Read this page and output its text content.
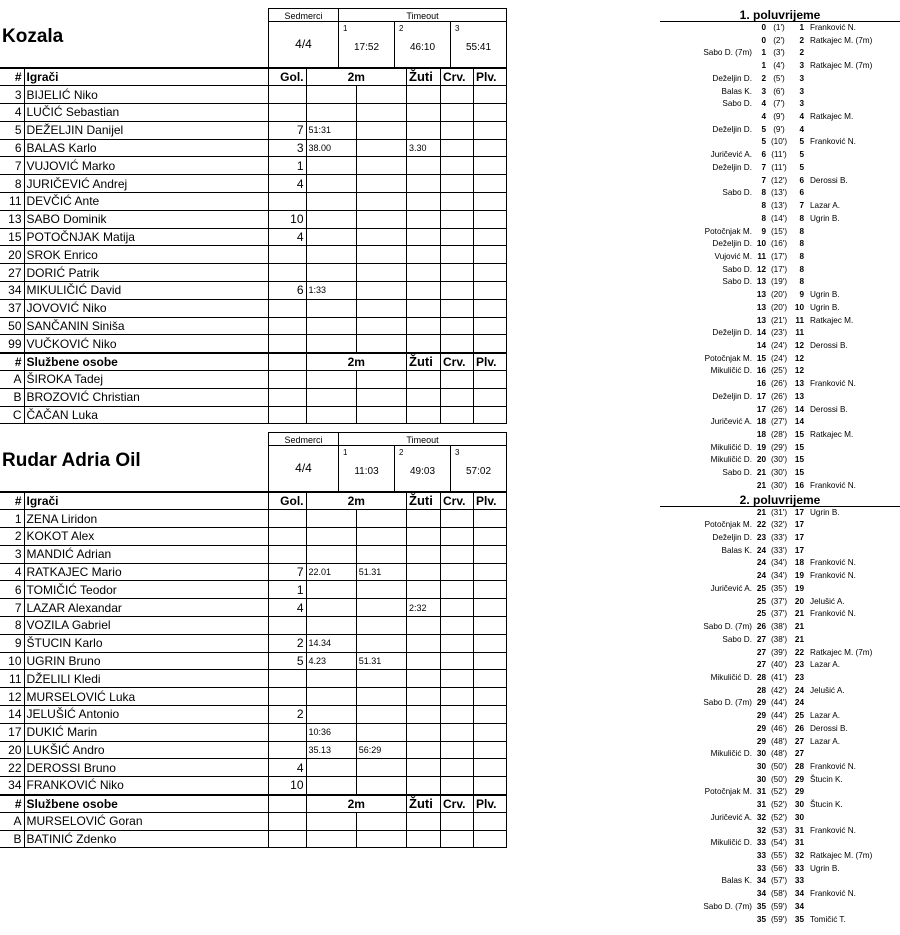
Kozala
Sedmerci	Timeout
4/4
1
17:52
2
46:10
3
55:41
#	Igrači	Gol.	2m		Žuti	Crv.	Plv.
3	BIJELIĆ Niko						
4	LUČIĆ Sebastian						
5	DEŽELJIN Danijel	7	51:31				
6	BALAS Karlo	3	38.00		3.30		
7	VUJOVIĆ Marko	1					
8	JURIČEVIĆ Andrej	4					
11	DEVČIĆ Ante						
13	SABO Dominik	10					
15	POTOČNJAK Matija	4					
20	SROK Enrico						
27	DORIĆ Patrik						
34	MIKULIČIĆ David	6	1:33				
37	JOVOVIĆ Niko						
50	SANČANIN Siniša						
99	VUČKOVIĆ Niko						
#	Službene osobe		2m		Žuti	Crv.	Plv.
A	ŠIROKA Tadej						
B	BROZOVIĆ Christian						
C	ČAČAN Luka						
Rudar Adria Oil
Sedmerci	Timeout
4/4
1
11:03
2
49:03
3
57:02
#	Igrači	Gol.	2m		Žuti	Crv.	Plv.
1	ZENA Liridon						
2	KOKOT Alex						
3	MANDIĆ Adrian						
4	RATKAJEC Mario	7	22.01	51.31			
6	TOMIČIĆ Teodor	1					
7	LAZAR Alexandar	4			2:32		
8	VOZILA Gabriel						
9	ŠTUCIN Karlo	2	14.34				
10	UGRIN Bruno	5	4.23	51.31			
11	DŽELILI Kledi						
12	MURSELOVIĆ Luka						
14	JELUŠIĆ Antonio	2					
17	DUKIĆ Marin		10:36				
20	LUKŠIĆ Andro		35.13	56:29			
22	DEROSSI Bruno	4					
34	FRANKOVIĆ Niko	10					
#	Službene osobe		2m		Žuti	Crv.	Plv.
A	MURSELOVIĆ Goran						
B	BATINIĆ Zdenko						
1. poluvrijeme
0 (1')	1 Franković N.
0 (2')	2 Ratkajec M. (7m)
Sabo D. (7m)	1 (3')	2
1 (4')	3 Ratkajec M. (7m)
Deželjin D.	2 (5')	3
Balas K.	3 (6')	3
Sabo D.	4 (7')	3
4 (9')	4 Ratkajec M.
Deželjin D.	5 (9')	4
5 (10')	5 Franković N.
Juričević A.	6 (11')	5
Deželjin D.	7 (11')	5
7 (12')	6 Derossi B.
Sabo D.	8 (13')	6
8 (13')	7 Lazar A.
8 (14')	8 Ugrin B.
Potočnjak M.	9 (15')	8
Deželjin D. 10 (16')	8
Vujović M. 11 (17')	8
Sabo D. 12 (17')	8
Sabo D. 13 (19')	8
13 (20')	9 Ugrin B.
13 (20') 10 Ugrin B.
13 (21')	11 Ratkajec M.
Deželjin D. 14 (23')	11
14 (24') 12 Derossi B.
Potočnjak M. 15 (24') 12
Mikuličić D. 16 (25') 12
16 (26') 13 Franković N.
Deželjin D. 17 (26') 13
17 (26') 14 Derossi B.
Juričević A. 18 (27') 14
18 (28') 15 Ratkajec M.
Mikuličić D. 19 (29') 15
Mikuličić D. 20 (30') 15
Sabo D. 21 (30') 15
21 (30') 16 Franković N.
2. poluvrijeme
21 (31') 17 Ugrin B.
Potočnjak M. 22 (32') 17
Deželjin D. 23 (33') 17
Balas K. 24 (33') 17
24 (34') 18 Franković N.
24 (34') 19 Franković N.
Juričević A. 25 (35') 19
25 (37') 20 Jelušić A.
25 (37') 21 Franković N.
Sabo D. (7m) 26 (38') 21
Sabo D. 27 (38') 21
27 (39') 22 Ratkajec M. (7m)
27 (40') 23 Lazar A.
Mikuličić D. 28 (41') 23
28 (42') 24 Jelušić A.
Sabo D. (7m) 29 (44') 24
29 (44') 25 Lazar A.
29 (46') 26 Derossi B.
29 (48') 27 Lazar A.
Mikuličić D. 30 (48') 27
30 (50') 28 Franković N.
30 (50') 29 Štucin K.
Potočnjak M. 31 (52') 29
31 (52') 30 Štucin K.
Juričević A. 32 (52') 30
32 (53') 31 Franković N.
Mikuličić D. 33 (54') 31
33 (55') 32 Ratkajec M. (7m)
33 (56') 33 Ugrin B.
Balas K. 34 (57') 33
34 (58') 34 Franković N.
Sabo D. (7m) 35 (59') 34
35 (59') 35 Tomičić T.
